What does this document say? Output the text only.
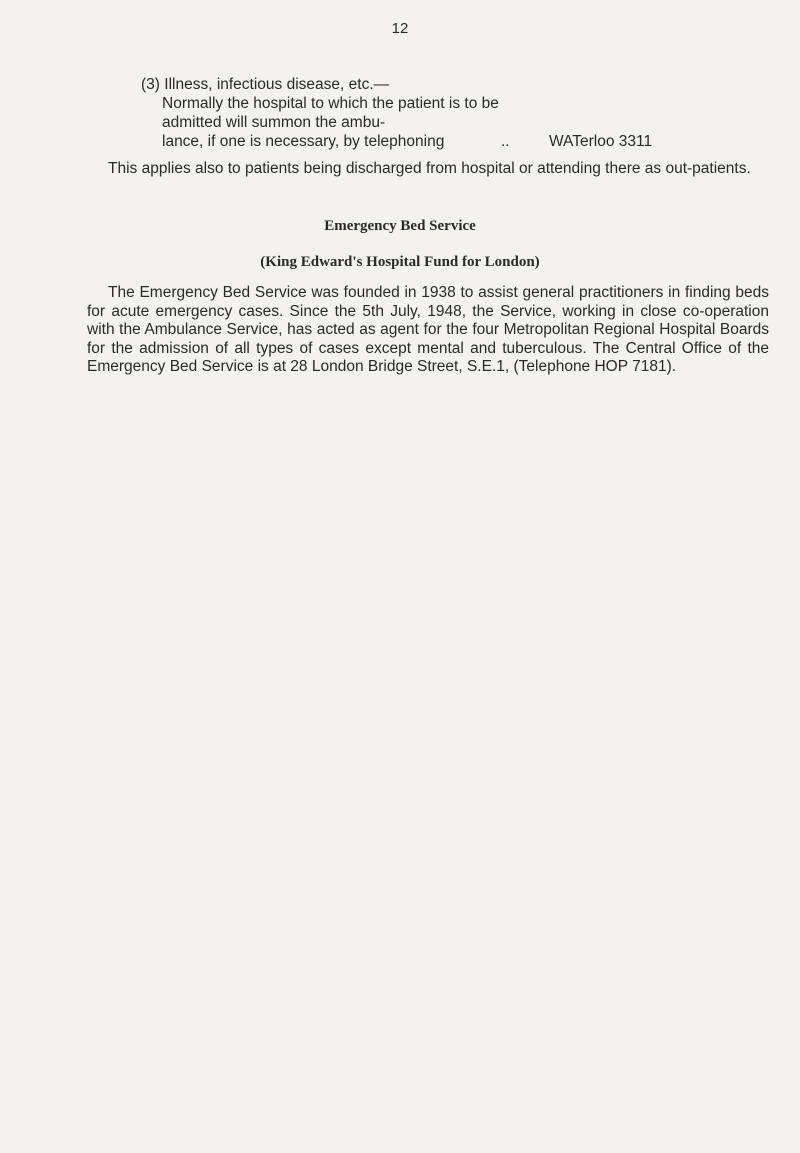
12
(3) Illness, infectious disease, etc.—
Normally the hospital to which the patient is to be admitted will summon the ambu-
lance, if one is necessary, by telephoning	..	WATerloo 3311

This applies also to patients being discharged from hospital or attending there as out-patients.

Emergency Bed Service
(King Edward's Hospital Fund for London)

The Emergency Bed Service was founded in 1938 to assist general practitioners in finding beds for acute emergency cases. Since the 5th July, 1948, the Service, working in close co-operation with the Ambulance Service, has acted as agent for the four Metropolitan Regional Hospital Boards for the admission of all types of cases except mental and tuberculous. The Central Office of the Emergency Bed Service is at 28 London Bridge Street, S.E.1, (Telephone HOP 7181).
